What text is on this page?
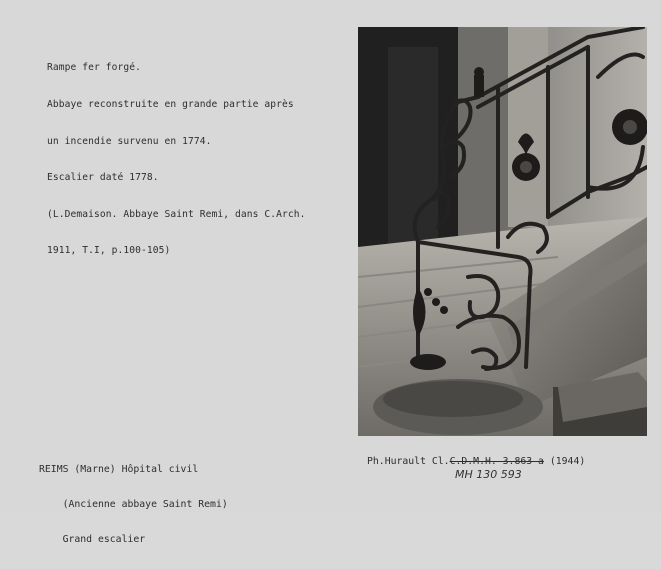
Rampe fer forgé.

Abbaye reconstruite en grande partie après

un incendie survenu en 1774.

Escalier daté 1778.

(L.Demaison. Abbaye Saint Remi, dans C.Arch.

1911, T.I, p.100-105)

REIMS (Marne) Hôpital civil

(Ancienne abbaye Saint Remi)

Grand escalier

Ph.Hurault Cl.C.D.M.H. 3.863 a (1944)
MH 130 593
